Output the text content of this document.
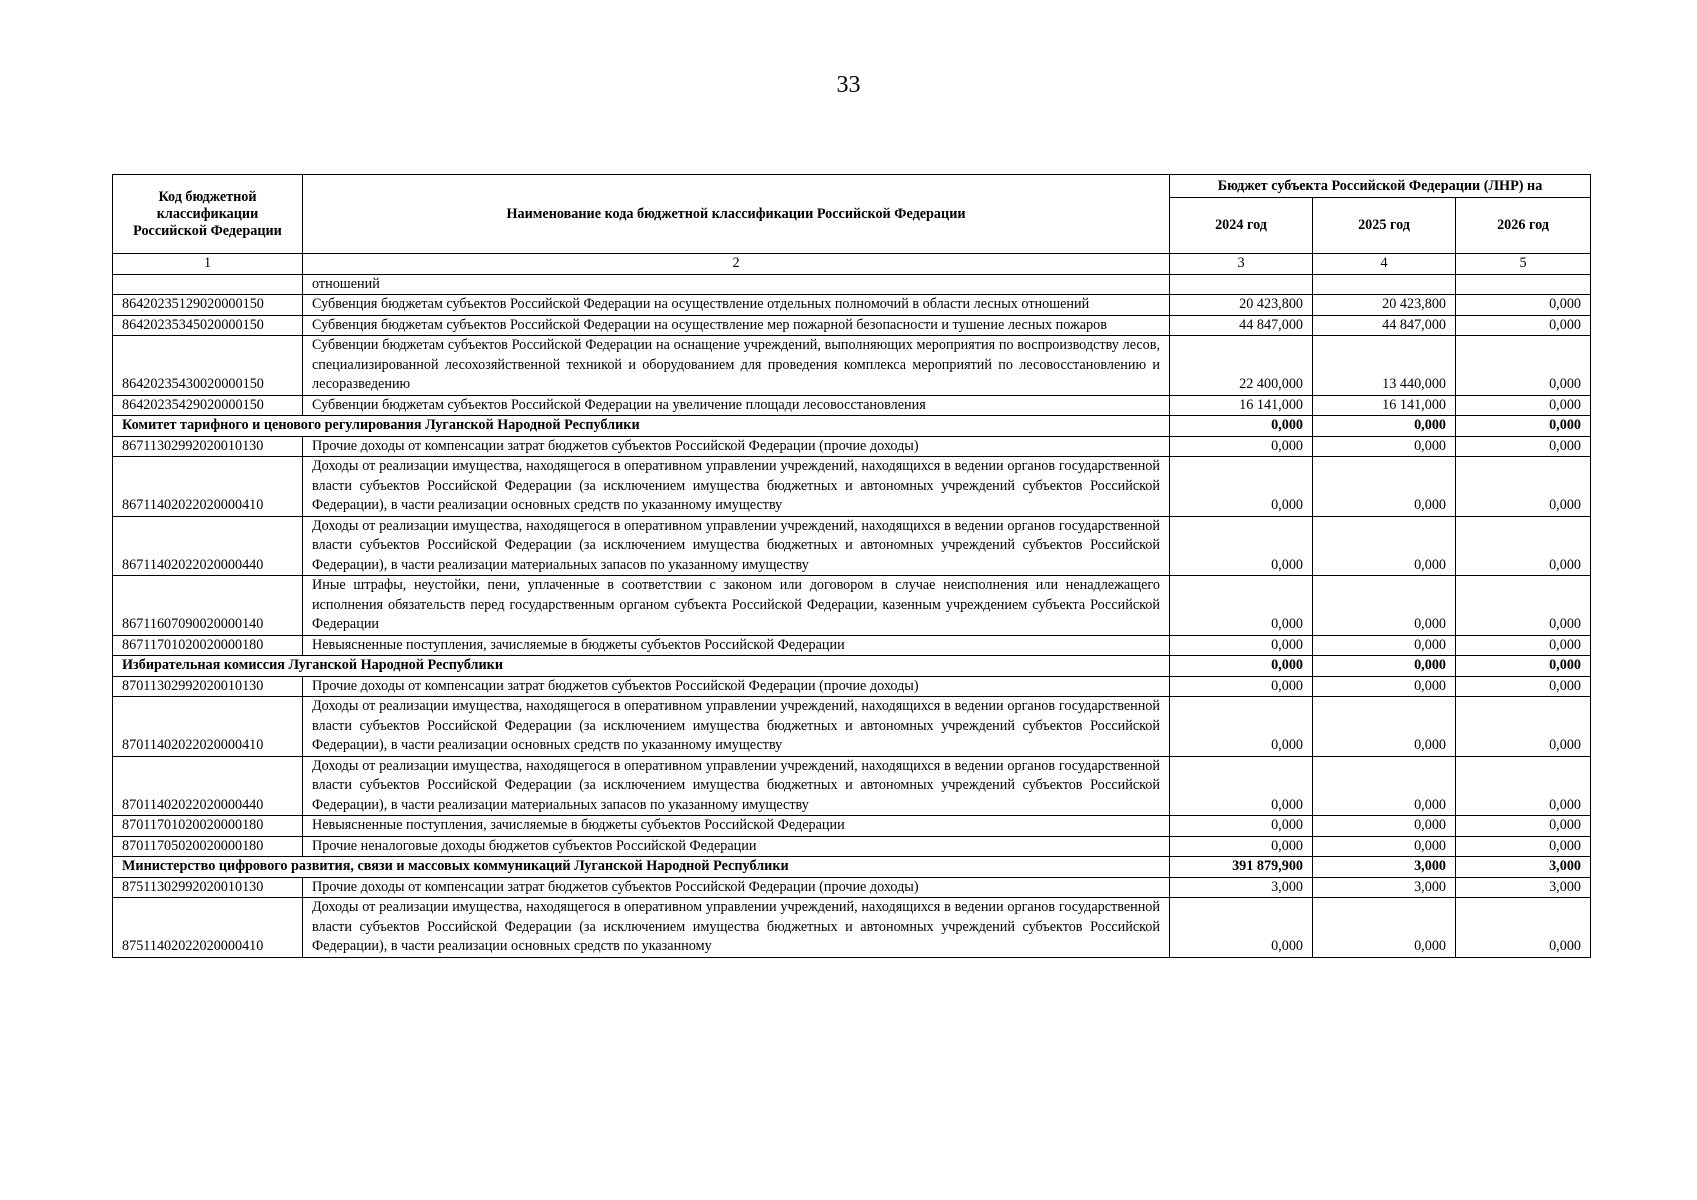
33
Код бюджетной классификации Российской Федерации	Наименование кода бюджетной классификации Российской Федерации	Бюджет субъекта Российской Федерации (ЛНР) на		
		2024 год	2025 год	2026 год
1	2	3	4	5
	отношений			
86420235129020000150	Субвенция бюджетам субъектов Российской Федерации на осуществление отдельных полномочий в области лесных отношений	20 423,800	20 423,800	0,000
86420235345020000150	Субвенция бюджетам субъектов Российской Федерации на осуществление мер пожарной безопасности и тушение лесных пожаров	44 847,000	44 847,000	0,000
86420235430020000150	Субвенции бюджетам субъектов Российской Федерации на оснащение учреждений, выполняющих мероприятия по воспроизводству лесов, специализированной лесохозяйственной техникой и оборудованием для проведения комплекса мероприятий по лесовосстановлению и лесоразведению	22 400,000	13 440,000	0,000
86420235429020000150	Субвенции бюджетам субъектов Российской Федерации на увеличение площади лесовосстановления	16 141,000	16 141,000	0,000
Комитет тарифного и ценового регулирования Луганской Народной Республики		0,000	0,000	0,000
86711302992020010130	Прочие доходы от компенсации затрат бюджетов субъектов Российской Федерации (прочие доходы)	0,000	0,000	0,000
86711402022020000410	Доходы от реализации имущества, находящегося в оперативном управлении учреждений, находящихся в ведении органов государственной власти субъектов Российской Федерации (за исключением имущества бюджетных и автономных учреждений субъектов Российской Федерации), в части реализации основных средств по указанному имуществу	0,000	0,000	0,000
86711402022020000440	Доходы от реализации имущества, находящегося в оперативном управлении учреждений, находящихся в ведении органов государственной власти субъектов Российской Федерации (за исключением имущества бюджетных и автономных учреждений субъектов Российской Федерации), в части реализации материальных запасов по указанному имуществу	0,000	0,000	0,000
86711607090020000140	Иные штрафы, неустойки, пени, уплаченные в соответствии с законом или договором в случае неисполнения или ненадлежащего исполнения обязательств перед государственным органом субъекта Российской Федерации, казенным учреждением субъекта Российской Федерации	0,000	0,000	0,000
86711701020020000180	Невыясненные поступления, зачисляемые в бюджеты субъектов Российской Федерации	0,000	0,000	0,000
Избирательная комиссия Луганской Народной Республики		0,000	0,000	0,000
87011302992020010130	Прочие доходы от компенсации затрат бюджетов субъектов Российской Федерации (прочие доходы)	0,000	0,000	0,000
87011402022020000410	Доходы от реализации имущества, находящегося в оперативном управлении учреждений, находящихся в ведении органов государственной власти субъектов Российской Федерации (за исключением имущества бюджетных и автономных учреждений субъектов Российской Федерации), в части реализации основных средств по указанному имуществу	0,000	0,000	0,000
87011402022020000440	Доходы от реализации имущества, находящегося в оперативном управлении учреждений, находящихся в ведении органов государственной власти субъектов Российской Федерации (за исключением имущества бюджетных и автономных учреждений субъектов Российской Федерации), в части реализации материальных запасов по указанному имуществу	0,000	0,000	0,000
87011701020020000180	Невыясненные поступления, зачисляемые в бюджеты субъектов Российской Федерации	0,000	0,000	0,000
87011705020020000180	Прочие неналоговые доходы бюджетов субъектов Российской Федерации	0,000	0,000	0,000
Министерство цифрового развития, связи и массовых коммуникаций Луганской Народной Республики		391 879,900	3,000	3,000
87511302992020010130	Прочие доходы от компенсации затрат бюджетов субъектов Российской Федерации (прочие доходы)	3,000	3,000	3,000
87511402022020000410	Доходы от реализации имущества, находящегося в оперативном управлении учреждений, находящихся в ведении органов государственной власти субъектов Российской Федерации (за исключением имущества бюджетных и автономных учреждений субъектов Российской Федерации), в части реализации основных средств по указанному	0,000	0,000	0,000
